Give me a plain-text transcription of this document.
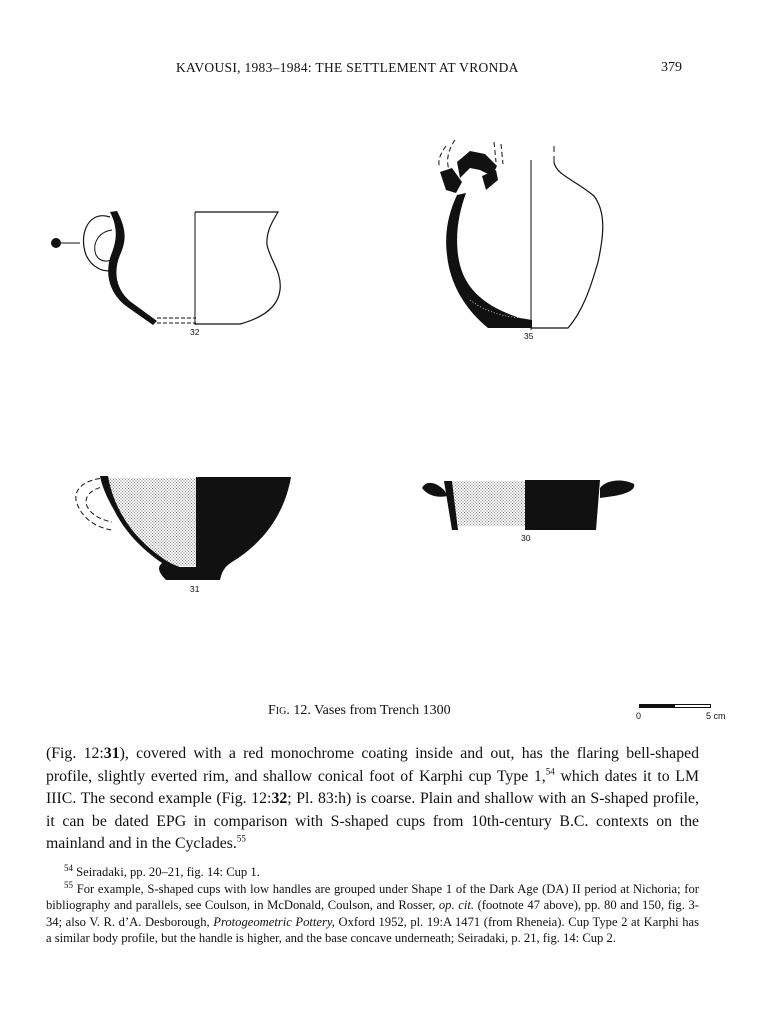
KAVOUSI, 1983–1984: THE SETTLEMENT AT VRONDA	379
32	35
31
30
Fig. 12. Vases from Trench 1300	0	5 cm

(Fig. 12:31), covered with a red monochrome coating inside and out, has the flaring bell-shaped profile, slightly everted rim, and shallow conical foot of Karphi cup Type 1,54 which dates it to LM IIIC. The second example (Fig. 12:32; Pl. 83:h) is coarse. Plain and shallow with an S-shaped profile, it can be dated EPG in comparison with S-shaped cups from 10th-century B.C. contexts on the mainland and in the Cyclades.$^{55}$

$^{54}$ Seiradaki, pp. 20–21, fig. 14: Cup 1.

$^{55}$ For example, S-shaped cups with low handles are grouped under Shape 1 of the Dark Age (DA) II period at Nichoria; for bibliography and parallels, see Coulson, in McDonald, Coulson, and Rosser, op. cit. (footnote 47 above), pp. 80 and 150, fig. 3-34; also V. R. d’A. Desborough, Protogeometric Pottery, Oxford 1952, pl. 19:A 1471 (from Rheneia). Cup Type 2 at Karphi has a similar body profile, but the handle is higher, and the base concave underneath; Seiradaki, p. 21, fig. 14: Cup 2.
